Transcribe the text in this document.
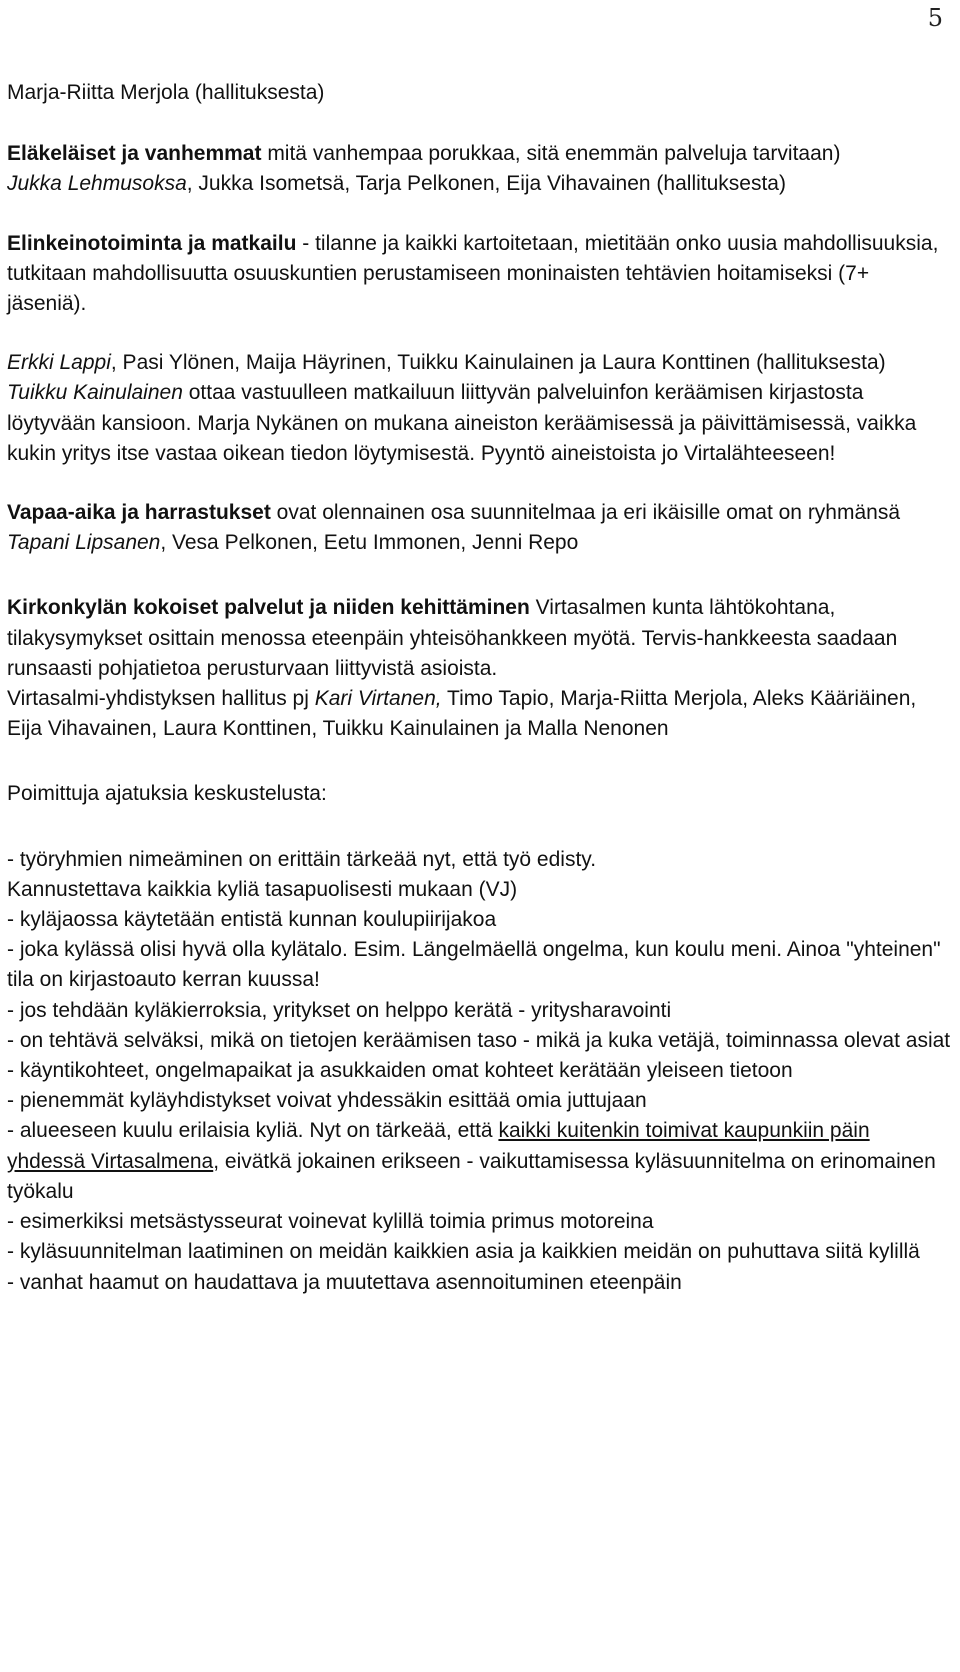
5

Marja-Riitta Merjola (hallituksesta)

Eläkeläiset ja vanhemmat mitä vanhempaa porukkaa, sitä enemmän palveluja tarvitaan)
Jukka Lehmusoksa, Jukka Isometsä, Tarja Pelkonen, Eija Vihavainen (hallituksesta)

Elinkeinotoiminta ja matkailu - tilanne ja kaikki kartoitetaan, mietitään onko uusia mahdollisuuksia, tutkitaan mahdollisuutta osuuskuntien perustamiseen moninaisten tehtävien hoitamiseksi (7+ jäseniä).

Erkki Lappi, Pasi Ylönen, Maija Häyrinen, Tuikku Kainulainen ja Laura Konttinen (hallituksesta)
Tuikku Kainulainen ottaa vastuulleen matkailuun liittyvän palveluinfon keräämisen kirjastosta löytyvään kansioon. Marja Nykänen on mukana aineiston keräämisessä ja päivittämisessä, vaikka kukin yritys itse vastaa oikean tiedon löytymisestä. Pyyntö aineistoista jo Virtalähteeseen!

Vapaa-aika ja harrastukset ovat olennainen osa suunnitelmaa ja eri ikäisille omat on ryhmänsä
Tapani Lipsanen, Vesa Pelkonen, Eetu Immonen, Jenni Repo

Kirkonkylän kokoiset palvelut ja niiden kehittäminen Virtasalmen kunta lähtökohtana, tilakysymykset osittain menossa eteenpäin yhteisöhankkeen myötä. Tervis-hankkeesta saadaan runsaasti pohjatietoa perusturvaan liittyvistä asioista.
Virtasalmi-yhdistyksen hallitus pj Kari Virtanen, Timo Tapio, Marja-Riitta Merjola, Aleks Kääriäinen, Eija Vihavainen, Laura Konttinen, Tuikku Kainulainen ja Malla Nenonen

Poimittuja ajatuksia keskustelusta:

- työryhmien nimeäminen on erittäin tärkeää nyt, että työ edisty.
Kannustettava kaikkia kyliä tasapuolisesti mukaan (VJ)
- kyläjaossa käytetään entistä kunnan koulupiirijakoa
- joka kylässä olisi hyvä olla kylätalo. Esim. Längelmäellä ongelma, kun koulu meni. Ainoa "yhteinen" tila on kirjastoauto kerran kuussa!
- jos tehdään kyläkierroksia, yritykset on helppo kerätä - yritysharavointi
- on tehtävä selväksi, mikä on tietojen keräämisen taso - mikä ja kuka vetäjä, toiminnassa olevat asiat
- käyntikohteet, ongelmapaikat ja asukkaiden omat kohteet kerätään yleiseen tietoon
- pienemmät kyläyhdistykset voivat yhdessäkin esittää omia juttujaan
- alueeseen kuulu erilaisia kyliä. Nyt on tärkeää, että kaikki kuitenkin toimivat kaupunkiin päin yhdessä Virtasalmena, eivätkä jokainen erikseen - vaikuttamisessa kyläsuunnitelma on erinomainen työkalu
- esimerkiksi metsästysseurat voinevat kylillä toimia primus motoreina
- kyläsuunnitelman laatiminen on meidän kaikkien asia ja kaikkien meidän on puhuttava siitä kylillä
- vanhat haamut on haudattava ja muutettava asennoituminen eteenpäin
